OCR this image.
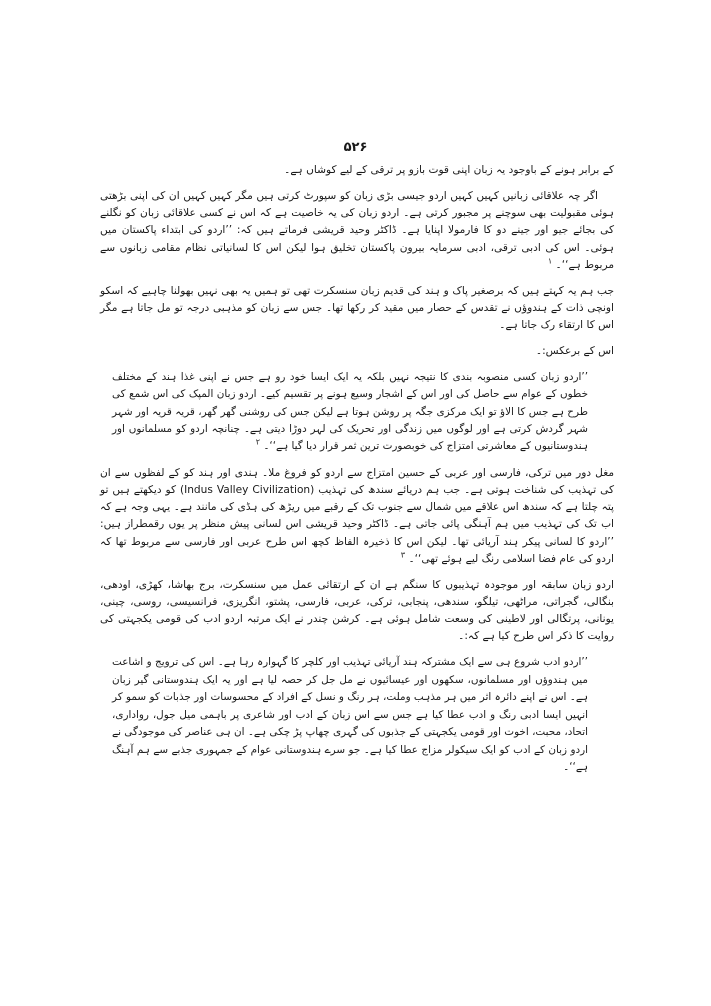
۵۲۶

کے برابر ہونے کے باوجود یہ زبان اپنی قوت بازو پر ترقی کے لیے کوشاں ہے۔

اگر چہ علاقائی زبانیں کہیں کہیں اردو جیسی بڑی زبان کو سپورٹ کرتی ہیں مگر کہیں کہیں ان کی اپنی بڑھتی ہوئی مقبولیت بھی سوچنے پر مجبور کرتی ہے۔ اردو زبان کی یہ خاصیت ہے کہ اس نے کسی علاقائی زبان کو نگلنے کی بجائے جیو اور جینے دو کا فارمولا اپنایا ہے۔ ڈاکٹر وحید قریشی فرماتے ہیں کہ: ’’اردو کی ابتداء پاکستان میں ہوئی۔ اس کی ادبی ترقی، ادبی سرمایہ بیرون پاکستان تخلیق ہوا لیکن اس کا لسانیاتی نظام مقامی زبانوں سے مربوط ہے‘‘۔ $^۱$

جب ہم یہ کہتے ہیں کہ برصغیر پاک و ہند کی قدیم زبان سنسکرت تھی تو ہمیں یہ بھی نہیں بھولنا چاہیے کہ اسکو اونچی ذات کے ہندوؤں نے تقدس کے حصار میں مقید کر رکھا تھا۔ جس سے زبان کو مذہبی درجہ تو مل جاتا ہے مگر اس کا ارتقاء رک جاتا ہے۔

اس کے برعکس:۔

’’اردو زبان کسی منصوبہ بندی کا نتیجہ نہیں بلکہ یہ ایک ایسا خود رو ہے جس نے اپنی غذا ہند کے مختلف خطوں کے عوام سے حاصل کی اور اس کے اشجار وسیع ہونے پر تقسیم کیے۔ اردو زبان المپک کی اس شمع کی طرح ہے جس کا الاؤ تو ایک مرکزی جگہ پر روشن ہوتا ہے لیکن جس کی روشنی گھر گھر، قریہ قریہ اور شہر شہر گردش کرتی ہے اور لوگوں میں زندگی اور تحریک کی لہر دوڑا دیتی ہے۔ چنانچہ اردو کو مسلمانوں اور ہندوستانیوں کے معاشرتی امتزاج کی خوبصورت ترین ثمر قرار دیا گیا ہے‘‘۔ $^۲$

مغل دور میں ترکی، فارسی اور عربی کے حسین امتزاج سے اردو کو فروغ ملا۔ ہندی اور ہند کو کے لفظوں سے ان کی تہذیب کی شناخت ہوتی ہے۔ جب ہم دریائے سندھ کی تہذیب (Indus Valley Civilization) کو دیکھتے ہیں تو پتہ چلتا ہے کہ سندھ اس علاقے میں شمال سے جنوب تک کے رقبے میں ریڑھ کی ہڈی کی مانند ہے۔ یہی وجہ ہے کہ اب تک کی تہذیب میں ہم آہنگی پائی جاتی ہے۔ ڈاکٹر وحید قریشی اس لسانی پیش منظر پر یوں رقمطراز ہیں: ’’اردو کا لسانی پیکر ہند آریائی تھا۔ لیکن اس کا ذخیرہ الفاظ کچھ اس طرح عربی اور فارسی سے مربوط تھا کہ اردو کی عام فضا اسلامی رنگ لیے ہوئے تھی‘‘۔ $^۳$

اردو زبان سابقہ اور موجودہ تہذیبوں کا سنگم ہے ان کے ارتقائی عمل میں سنسکرت، برج بھاشا، کھڑی، اودھی، بنگالی، گجراتی، مراٹھی، تیلگو، سندھی، پنجابی، ترکی، عربی، فارسی، پشتو، انگریزی، فرانسیسی، روسی، چینی، یونانی، پرتگالی اور لاطینی کی وسعت شامل ہوئی ہے۔ کرشن چندر نے ایک مرتبہ اردو ادب کی قومی یکجہتی کی روایت کا ذکر اس طرح کیا ہے کہ:۔

’’اردو ادب شروع ہی سے ایک مشترکہ ہند آریائی تہذیب اور کلچر کا گہوارہ رہا ہے۔ اس کی ترویج و اشاعت میں ہندوؤں اور مسلمانوں، سکھوں اور عیسائیوں نے مل جل کر حصہ لیا ہے اور یہ ایک ہندوستانی گیر زبان ہے۔ اس نے اپنے دائرہ اثر میں ہر مذہب وملت، ہر رنگ و نسل کے افراد کے محسوسات اور جذبات کو سمو کر انہیں ایسا ادبی رنگ و ادب عطا کیا ہے جس سے اس زبان کے ادب اور شاعری پر باہمی میل جول، رواداری، اتحاد، محبت، اخوت اور قومی یکجہتی کے جذبوں کی گہری چھاپ پڑ چکی ہے۔ ان ہی عناصر کی موجودگی نے اردو زبان کے ادب کو ایک سیکولر مزاج عطا کیا ہے۔ جو سرے ہندوستانی عوام کے جمہوری جذبے سے ہم آہنگ ہے‘‘۔
